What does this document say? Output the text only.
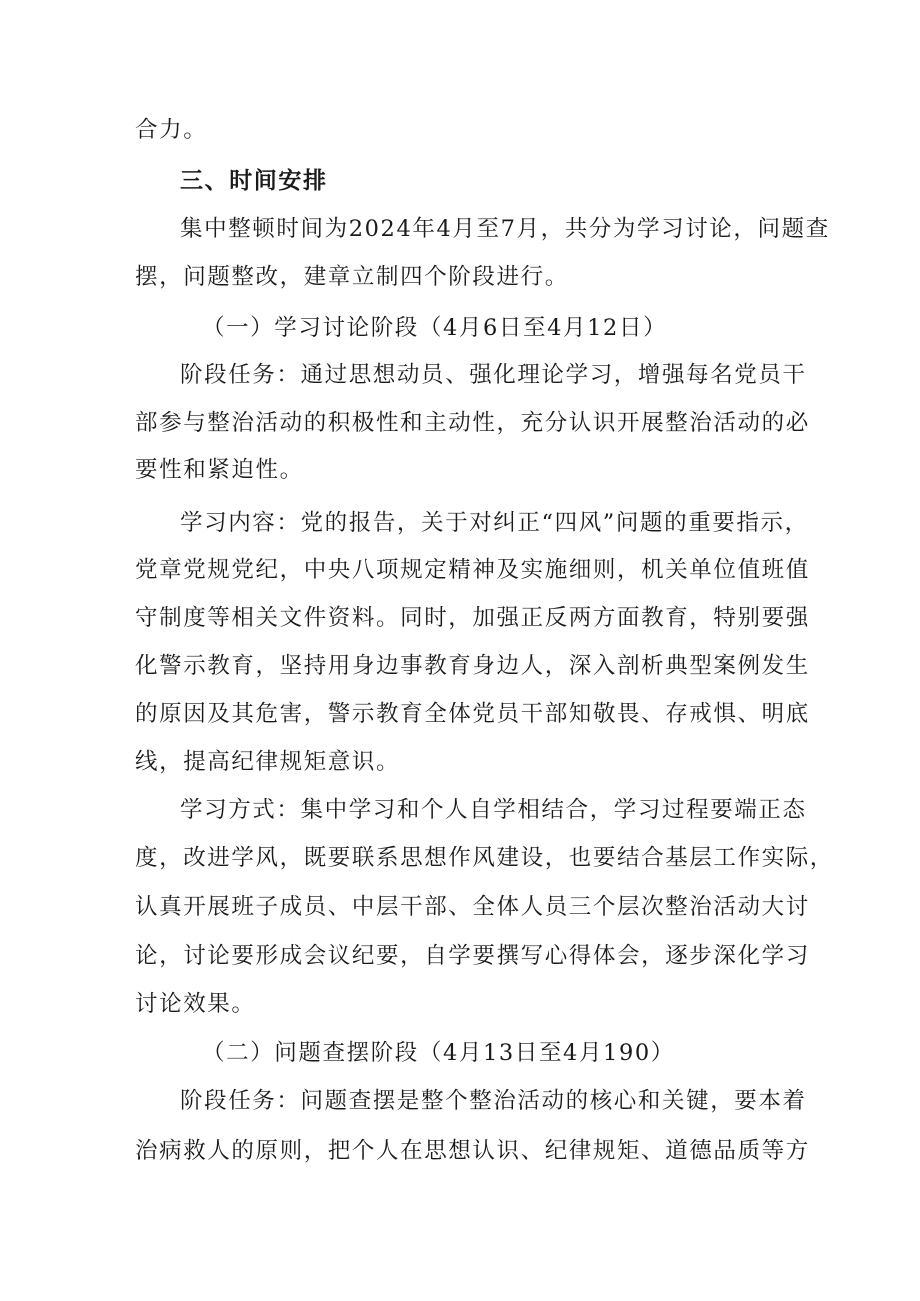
合力。
三、时间安排
集中整顿时间为2024年4月至7月，共分为学习讨论，问题查
摆，问题整改，建章立制四个阶段进行。
（一）学习讨论阶段（4月6日至4月12日）
阶段任务：通过思想动员、强化理论学习，增强每名党员干
部参与整治活动的积极性和主动性，充分认识开展整治活动的必
要性和紧迫性。
学习内容：党的报告，关于对纠正“四风”问题的重要指示，
党章党规党纪，中央八项规定精神及实施细则，机关单位值班值
守制度等相关文件资料。同时，加强正反两方面教育，特别要强
化警示教育，坚持用身边事教育身边人，深入剖析典型案例发生
的原因及其危害，警示教育全体党员干部知敬畏、存戒惧、明底
线，提高纪律规矩意识。
学习方式：集中学习和个人自学相结合，学习过程要端正态
度，改进学风，既要联系思想作风建设，也要结合基层工作实际，
认真开展班子成员、中层干部、全体人员三个层次整治活动大讨
论，讨论要形成会议纪要，自学要撰写心得体会，逐步深化学习
讨论效果。
（二）问题查摆阶段（4月13日至4月190）
阶段任务：问题查摆是整个整治活动的核心和关键，要本着
治病救人的原则，把个人在思想认识、纪律规矩、道德品质等方
